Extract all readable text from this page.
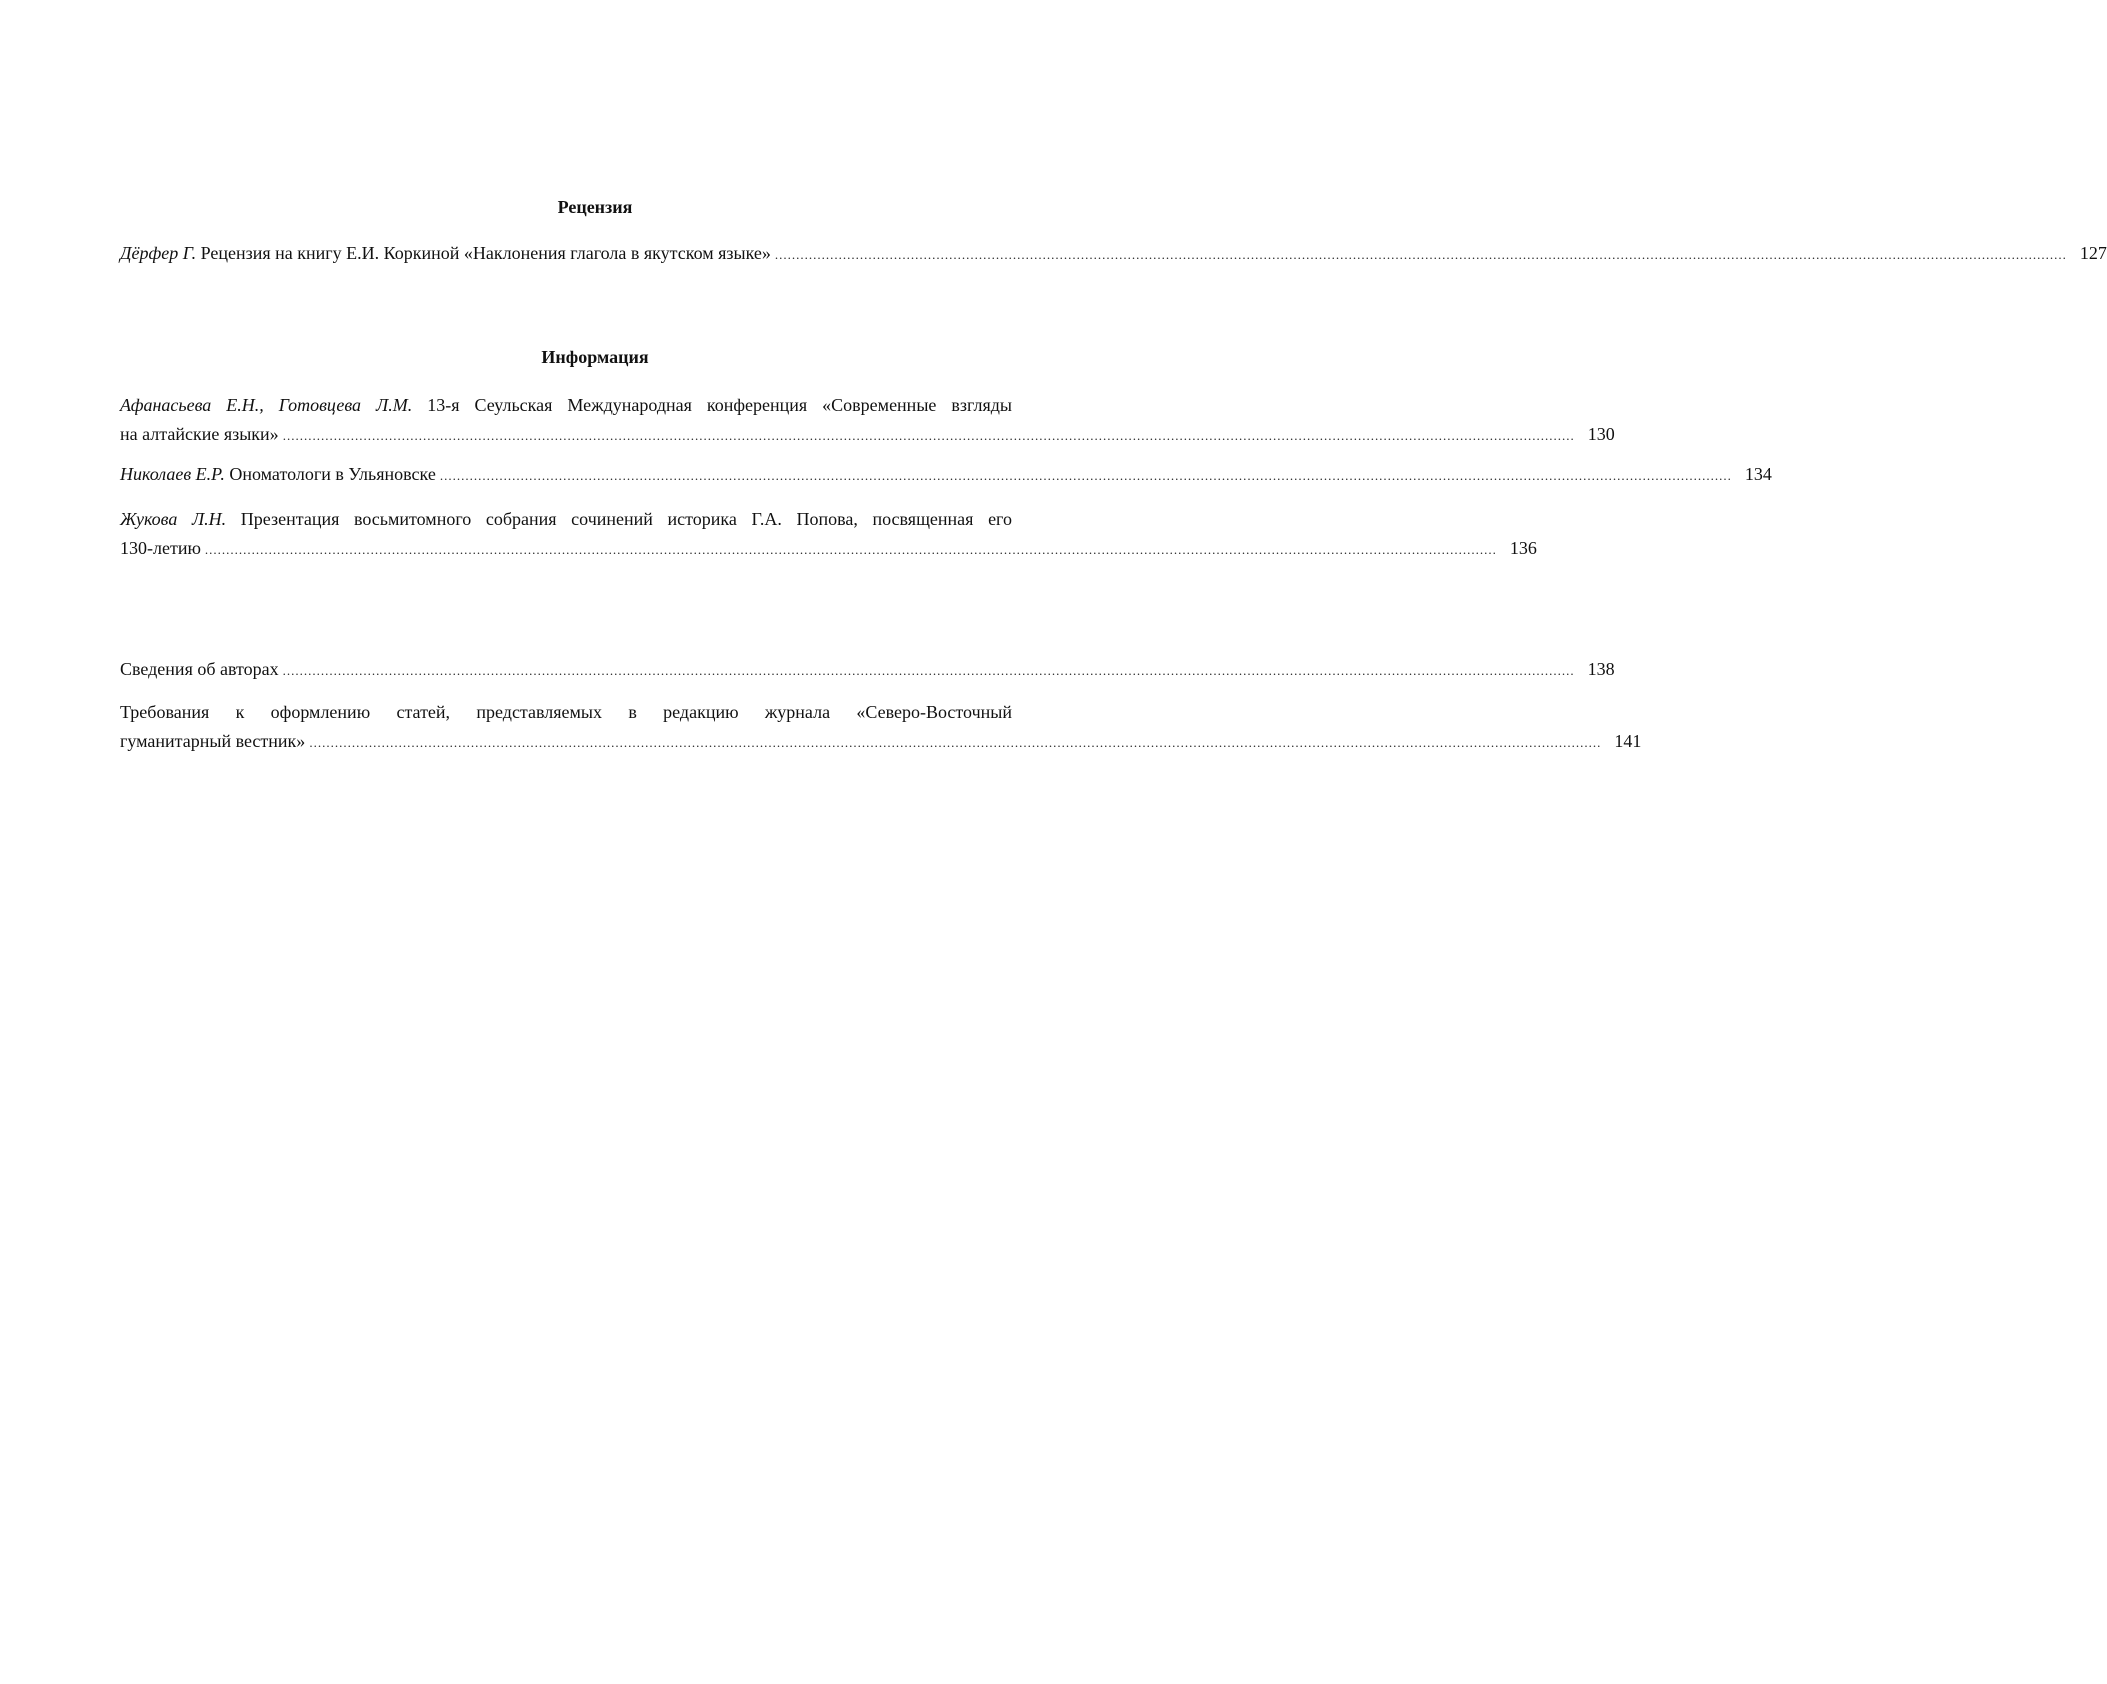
Рецензия
Дёрфер Г. Рецензия на книгу Е.И. Коркиной «Наклонения глагола в якутском языке» ................................................................................................................................................................................................................................................................................................................ 127
Информация
Афанасьева Е.Н., Готовцева Л.М. 13-я Сеульская Международная конференция «Современные взгляды
на алтайские языки» ................................................................................................................................................................................................................................................................................................................ 130
Николаев Е.Р. Ономатологи в Ульяновске ................................................................................................................................................................................................................................................................................................................ 134
Жукова Л.Н. Презентация восьмитомного собрания сочинений историка Г.А. Попова, посвященная его
130-летию ................................................................................................................................................................................................................................................................................................................ 136
Сведения об авторах ................................................................................................................................................................................................................................................................................................................ 138
Требования к оформлению статей, представляемых в редакцию журнала «Северо-Восточный
гуманитарный вестник» ................................................................................................................................................................................................................................................................................................................ 141
